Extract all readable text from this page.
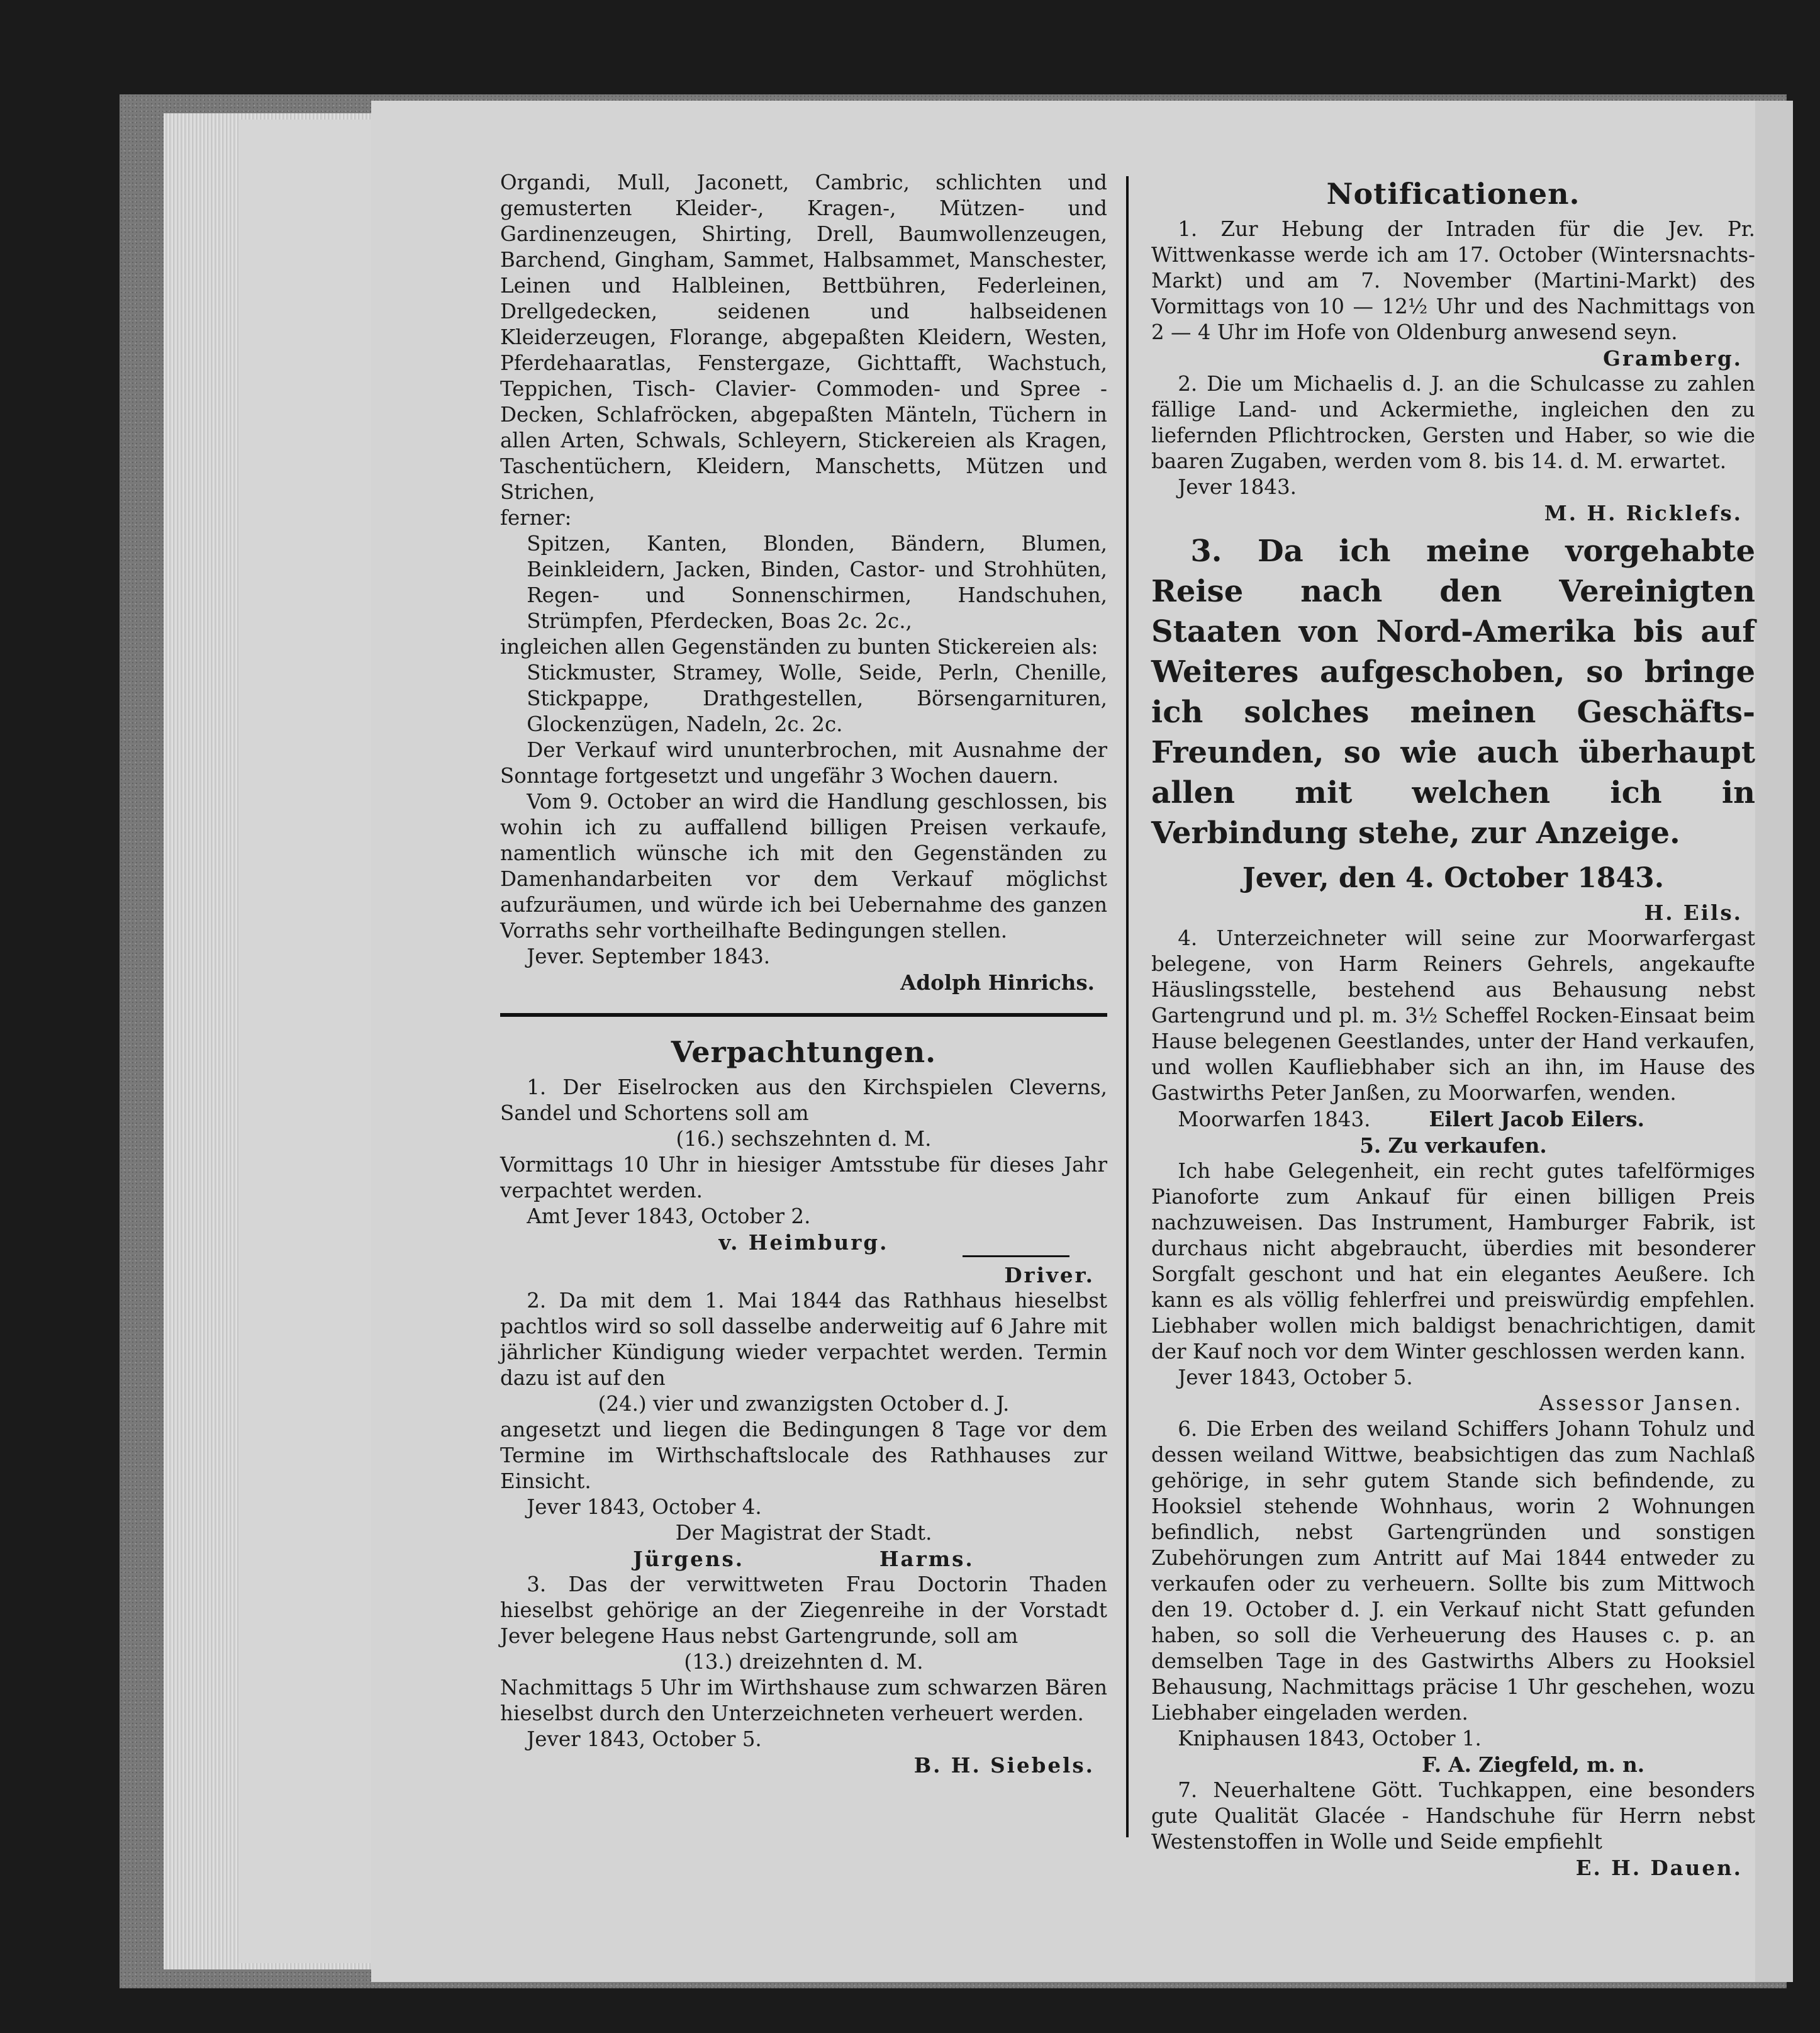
Organdi, Mull, Jaconett, Cambric, schlichten und gemusterten Kleider-, Kragen-, Mützen- und Gardinenzeugen, Shirting, Drell, Baumwollenzeugen, Barchend, Gingham, Sammet, Halbsammet, Manschester, Leinen und Halbleinen, Bettbühren, Federleinen, Drellgedecken, seidenen und halbseidenen Kleiderzeugen, Florange, abgepaßten Kleidern, Westen, Pferdehaaratlas, Fenstergaze, Gichttafft, Wachstuch, Teppichen, Tisch- Clavier- Commoden- und Spree - Decken, Schlafröcken, abgepaßten Mänteln, Tüchern in allen Arten, Schwals, Schleyern, Stickereien als Kragen, Taschentüchern, Kleidern, Manschetts, Mützen und Strichen,

ferner:

Spitzen, Kanten, Blonden, Bändern, Blumen, Beinkleidern, Jacken, Binden, Castor- und Strohhüten, Regen- und Sonnenschirmen, Handschuhen, Strümpfen, Pferdecken, Boas 2c. 2c.,

ingleichen allen Gegenständen zu bunten Stickereien als:

Stickmuster, Stramey, Wolle, Seide, Perln, Chenille, Stickpappe, Drathgestellen, Börsengarnituren, Glockenzügen, Nadeln, 2c. 2c.

Der Verkauf wird ununterbrochen, mit Ausnahme der Sonntage fortgesetzt und ungefähr 3 Wochen dauern.

Vom 9. October an wird die Handlung geschlossen, bis wohin ich zu auffallend billigen Preisen verkaufe, namentlich wünsche ich mit den Gegenständen zu Damenhandarbeiten vor dem Verkauf möglichst aufzuräumen, und würde ich bei Uebernahme des ganzen Vorraths sehr vortheilhafte Bedingungen stellen.

Jever. September 1843.

Adolph Hinrichs.

Verpachtungen.

1. Der Eiselrocken aus den Kirchspielen Cleverns, Sandel und Schortens soll am

(16.) sechszehnten d. M.

Vormittags 10 Uhr in hiesiger Amtsstube für dieses Jahr verpachtet werden.

Amt Jever 1843, October 2.

v. Heimburg.

Driver.

2. Da mit dem 1. Mai 1844 das Rathhaus hieselbst pachtlos wird so soll dasselbe anderweitig auf 6 Jahre mit jährlicher Kündigung wieder verpachtet werden. Termin dazu ist auf den

(24.) vier und zwanzigsten October d. J.

angesetzt und liegen die Bedingungen 8 Tage vor dem Termine im Wirthschaftslocale des Rathhauses zur Einsicht.

Jever 1843, October 4.

Der Magistrat der Stadt.

Jürgens.	Harms.

3. Das der verwittweten Frau Doctorin Thaden hieselbst gehörige an der Ziegenreihe in der Vorstadt Jever belegene Haus nebst Gartengrunde, soll am

(13.) dreizehnten d. M.

Nachmittags 5 Uhr im Wirthshause zum schwarzen Bären hieselbst durch den Unterzeichneten verheuert werden.

Jever 1843, October 5.

B. H. Siebels.

Notificationen.

1. Zur Hebung der Intraden für die Jev. Pr. Wittwenkasse werde ich am 17. October (Wintersnachts-Markt) und am 7. November (Martini-Markt) des Vormittags von 10 — 12½ Uhr und des Nachmittags von 2 — 4 Uhr im Hofe von Oldenburg anwesend seyn.

Gramberg.

2. Die um Michaelis d. J. an die Schulcasse zu zahlen fällige Land- und Ackermiethe, ingleichen den zu liefernden Pflichtrocken, Gersten und Haber, so wie die baaren Zugaben, werden vom 8. bis 14. d. M. erwartet.

Jever 1843.

M. H. Ricklefs.

3. Da ich meine vorgehabte Reise nach den Vereinigten Staaten von Nord-Amerika bis auf Weiteres aufgeschoben, so bringe ich solches meinen Geschäfts-Freunden, so wie auch überhaupt allen mit welchen ich in Verbindung stehe, zur Anzeige.

Jever, den 4. October 1843.

H. Eils.

4. Unterzeichneter will seine zur Moorwarfergast belegene, von Harm Reiners Gehrels, angekaufte Häuslingsstelle, bestehend aus Behausung nebst Gartengrund und pl. m. 3½ Scheffel Rocken-Einsaat beim Hause belegenen Geestlandes, unter der Hand verkaufen, und wollen Kaufliebhaber sich an ihn, im Hause des Gastwirths Peter Janßen, zu Moorwarfen, wenden.

Moorwarfen 1843.	Eilert Jacob Eilers.

5. Zu verkaufen.

Ich habe Gelegenheit, ein recht gutes tafelförmiges Pianoforte zum Ankauf für einen billigen Preis nachzuweisen. Das Instrument, Hamburger Fabrik, ist durchaus nicht abgebraucht, überdies mit besonderer Sorgfalt geschont und hat ein elegantes Aeußere. Ich kann es als völlig fehlerfrei und preiswürdig empfehlen. Liebhaber wollen mich baldigst benachrichtigen, damit der Kauf noch vor dem Winter geschlossen werden kann.

Jever 1843, October 5.

Assessor Jansen.

6. Die Erben des weiland Schiffers Johann Tohulz und dessen weiland Wittwe, beabsichtigen das zum Nachlaß gehörige, in sehr gutem Stande sich befindende, zu Hooksiel stehende Wohnhaus, worin 2 Wohnungen befindlich, nebst Gartengründen und sonstigen Zubehörungen zum Antritt auf Mai 1844 entweder zu verkaufen oder zu verheuern. Sollte bis zum Mittwoch den 19. October d. J. ein Verkauf nicht Statt gefunden haben, so soll die Verheuerung des Hauses c. p. an demselben Tage in des Gastwirths Albers zu Hooksiel Behausung, Nachmittags präcise 1 Uhr geschehen, wozu Liebhaber eingeladen werden.

Kniphausen 1843, October 1.

F. A. Ziegfeld, m. n.

7. Neuerhaltene Gött. Tuchkappen, eine besonders gute Qualität Glacée - Handschuhe für Herrn nebst Westenstoffen in Wolle und Seide empfiehlt

E. H. Dauen.
